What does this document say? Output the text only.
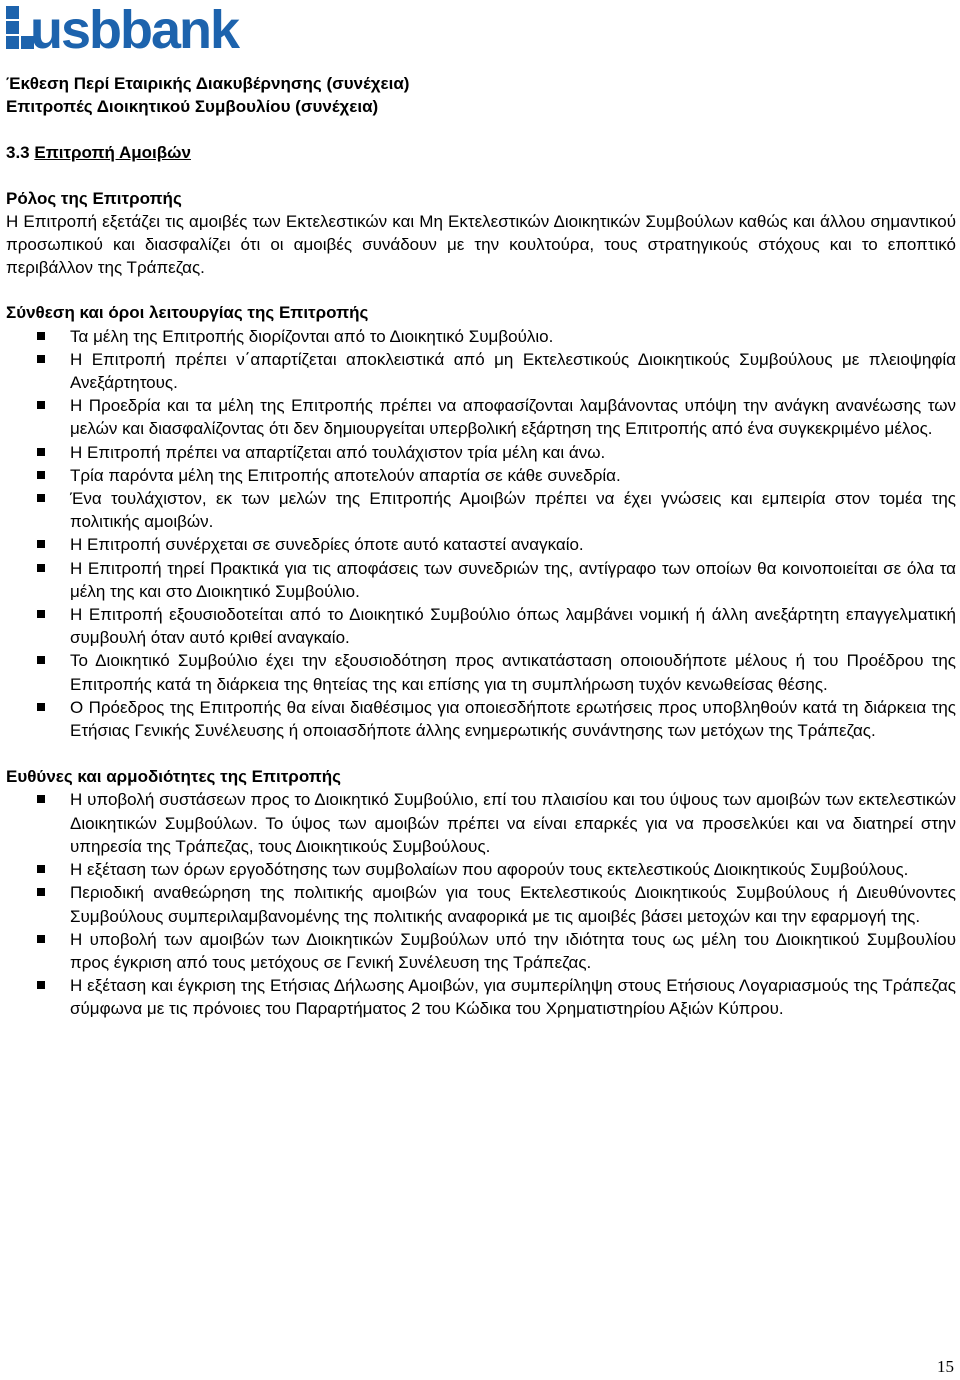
usbbank

Έκθεση Περί Εταιρικής Διακυβέρνησης (συνέχεια)

Επιτροπές Διοικητικού Συμβουλίου (συνέχεια)

3.3 Επιτροπή Αμοιβών

Ρόλος της Επιτροπής

Η Επιτροπή εξετάζει τις αμοιβές των Εκτελεστικών και Μη Εκτελεστικών Διοικητικών Συμβούλων καθώς και άλλου σημαντικού προσωπικού και διασφαλίζει ότι οι αμοιβές συνάδουν με την κουλτούρα, τους στρατηγικούς στόχους και το εποπτικό περιβάλλον της Τράπεζας.

Σύνθεση και όροι λειτουργίας της Επιτροπής

Τα μέλη της Επιτροπής διορίζονται από το Διοικητικό Συμβούλιο.
Η Επιτροπή πρέπει ν΄απαρτίζεται αποκλειστικά από μη Εκτελεστικούς Διοικητικούς Συμβούλους με πλειοψηφία Ανεξάρτητους.
Η Προεδρία και τα μέλη της Επιτροπής πρέπει να αποφασίζονται λαμβάνοντας υπόψη την ανάγκη ανανέωσης των μελών και διασφαλίζοντας ότι δεν δημιουργείται υπερβολική εξάρτηση της Επιτροπής από ένα συγκεκριμένο μέλος.
Η Επιτροπή πρέπει να απαρτίζεται από τουλάχιστον τρία μέλη και άνω.
Τρία παρόντα μέλη της Επιτροπής αποτελούν απαρτία σε κάθε συνεδρία.
Ένα τουλάχιστον, εκ των μελών της Επιτροπής Αμοιβών πρέπει να έχει γνώσεις και εμπειρία στον τομέα της πολιτικής αμοιβών.
Η Επιτροπή συνέρχεται σε συνεδρίες όποτε αυτό καταστεί αναγκαίο.
Η Επιτροπή τηρεί Πρακτικά για τις αποφάσεις των συνεδριών της, αντίγραφο των οποίων θα κοινοποιείται σε όλα τα μέλη της και στο Διοικητικό Συμβούλιο.
Η Επιτροπή εξουσιοδοτείται από το Διοικητικό Συμβούλιο όπως λαμβάνει νομική ή άλλη ανεξάρτητη επαγγελματική συμβουλή όταν αυτό κριθεί αναγκαίο.
Το Διοικητικό Συμβούλιο έχει την εξουσιοδότηση προς αντικατάσταση οποιουδήποτε μέλους ή του Προέδρου της Επιτροπής κατά τη διάρκεια της θητείας της και επίσης για τη συμπλήρωση τυχόν κενωθείσας θέσης.
Ο Πρόεδρος της Επιτροπής θα είναι διαθέσιμος για οποιεσδήποτε ερωτήσεις προς υποβληθούν κατά τη διάρκεια της Ετήσιας Γενικής Συνέλευσης ή οποιασδήποτε άλλης ενημερωτικής συνάντησης των μετόχων της Τράπεζας.

Ευθύνες και αρμοδιότητες της Επιτροπής

Η υποβολή συστάσεων προς το Διοικητικό Συμβούλιο, επί του πλαισίου και του ύψους των αμοιβών των εκτελεστικών Διοικητικών Συμβούλων. Το ύψος των αμοιβών πρέπει να είναι επαρκές για να προσελκύει και να διατηρεί στην υπηρεσία της Τράπεζας, τους Διοικητικούς Συμβούλους.
Η εξέταση των όρων εργοδότησης των συμβολαίων που αφορούν τους εκτελεστικούς Διοικητικούς Συμβούλους.
Περιοδική αναθεώρηση της πολιτικής αμοιβών για τους Εκτελεστικούς Διοικητικούς Συμβούλους ή Διευθύνοντες Συμβούλους συμπεριλαμβανομένης της πολιτικής αναφορικά με τις αμοιβές βάσει μετοχών και την εφαρμογή της.
Η υποβολή των αμοιβών των Διοικητικών Συμβούλων υπό την ιδιότητα τους ως μέλη του Διοικητικού Συμβουλίου προς έγκριση από τους μετόχους σε Γενική Συνέλευση της Τράπεζας.
Η εξέταση και έγκριση της Ετήσιας Δήλωσης Αμοιβών, για συμπερίληψη στους Ετήσιους Λογαριασμούς της Τράπεζας σύμφωνα με τις πρόνοιες του Παραρτήματος 2 του Κώδικα του Χρηματιστηρίου Αξιών Κύπρου.
15
